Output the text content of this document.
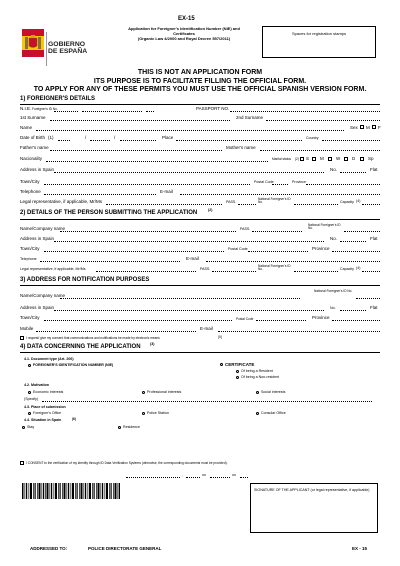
GOBIERNO
DE ESPAÑA
EX-15
Application for Foreigner's Identification Number (NIE) and Certificates
(Organic Law 4/2000 and Royal Decree 557/2011)
Spaces for registration stamps
THIS IS NOT AN APPLICATION FORM
ITS PURPOSE IS TO FACILITATE FILLING THE OFFICIAL FORM.
TO APPLY FOR ANY OF THESE PERMITS YOU MUST USE THE OFFICIAL SPANISH VERSION FORM.
1) FOREIGNER'S DETAILS
N.I.E. Foreigner's ID No.	PASSPORT NO.
1st Surname	2nd Surname
Name	Sex M F
Date of Birth (1)	/	/	Place	Country
Father's name	Mother's name
Nacionality	Marital status (2) S M	W	D	Sp
Address in Spain	No.	Flat
Town/City	Postal Code	Province
Telephone	E-mail
Legal representative, if applicable, Mr/Ms	PASS.
National Foreigner's ID No.	Capacity (4)
2) DETAILS OF THE PERSON SUBMITTING THE APPLICATION	(2)
Name/Company name	PASS.
National Foreigner's ID No.
Address in Spain	No.	Flat
Town/City	Postal Code	Province
Telephone	E-mail
Legal representative, if applicable, Mr/Ms	PASS.
National Foreigner's ID No.	Capacity (4)
3) ADDRESS FOR NOTIFICATION PURPOSES
Name/Company name
National Foreigner's ID No.
Address in Spain	No.	Flat
Town/City	Postal Code	Province
Mobile	E-mail
I request/ give my consent that communications and notifications be made by electronic means	(5)
4) DATA CONCERNING THE APPLICATION	(3)
4.1. Document type (Art. 206)
FOREIGNER'S IDENTIFICATION NUMBER (NIE)	CERTIFICATE
Of being a Resident
Of being a Non-resident
4.2. Motivation
Economic interests	Professional interests	Social interests
(Specify)
4.3. Place of submission
Foreigner's Office	Police Station	Consular Office
4.4. Situation in Spain	(6)
Stay	Residence
I CONSENT to the verification of my identity through ID Data Verification Systems (otherwise, the corresponding documents must be provided).
,	on	on
SIGNATURE OF THE APPLICANT (or legal representative, if applicable)
ADDRESSED TO:	POLICE DIRECTORATE GENERAL	EX - 15
